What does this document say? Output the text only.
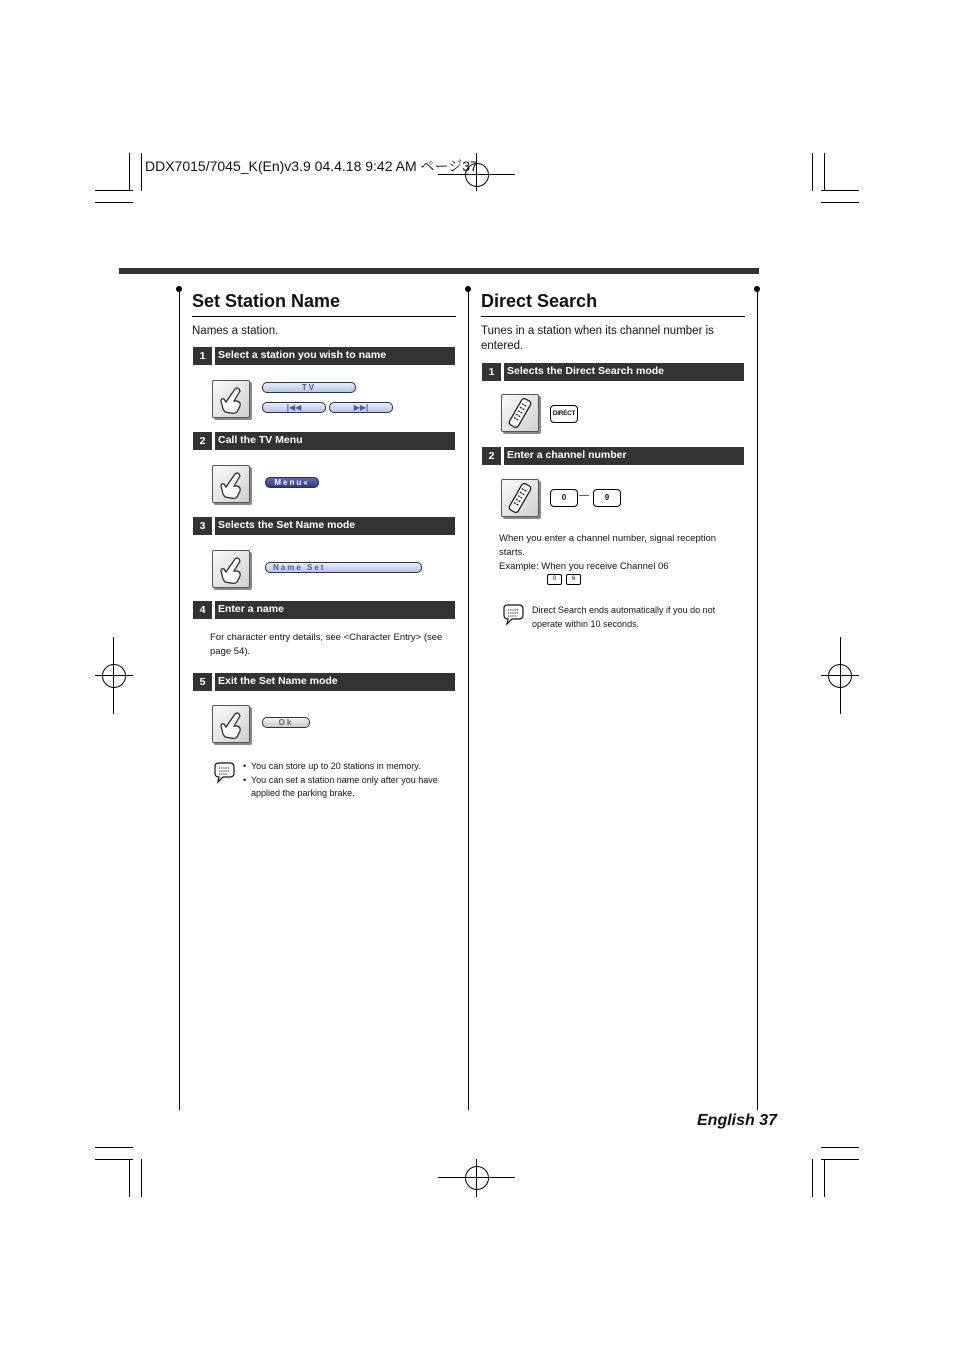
DDX7015/7045_K(En)v3.9 04.4.18 9:42 AM ページ37
Set Station Name
Names a station.
1	Select a station you wish to name
TV
|◀◀	▶▶|
2	Call the TV Menu
Menu«
3	Selects the Set Name mode
Name Set
4	Enter a name
For character entry details, see <Character Entry> (see page 54).
5	Exit the Set Name mode
Ok
• You can store up to 20 stations in memory.
• You can set a station name only after you have applied the parking brake.
Direct Search
Tunes in a station when its channel number is entered.
1	Selects the Direct Search mode
DIRECT
2	Enter a channel number
0	—	9
When you enter a channel number, signal reception starts.
Example: When you receive Channel 06
0	6
Direct Search ends automatically if you do not operate within 10 seconds.
English 37
